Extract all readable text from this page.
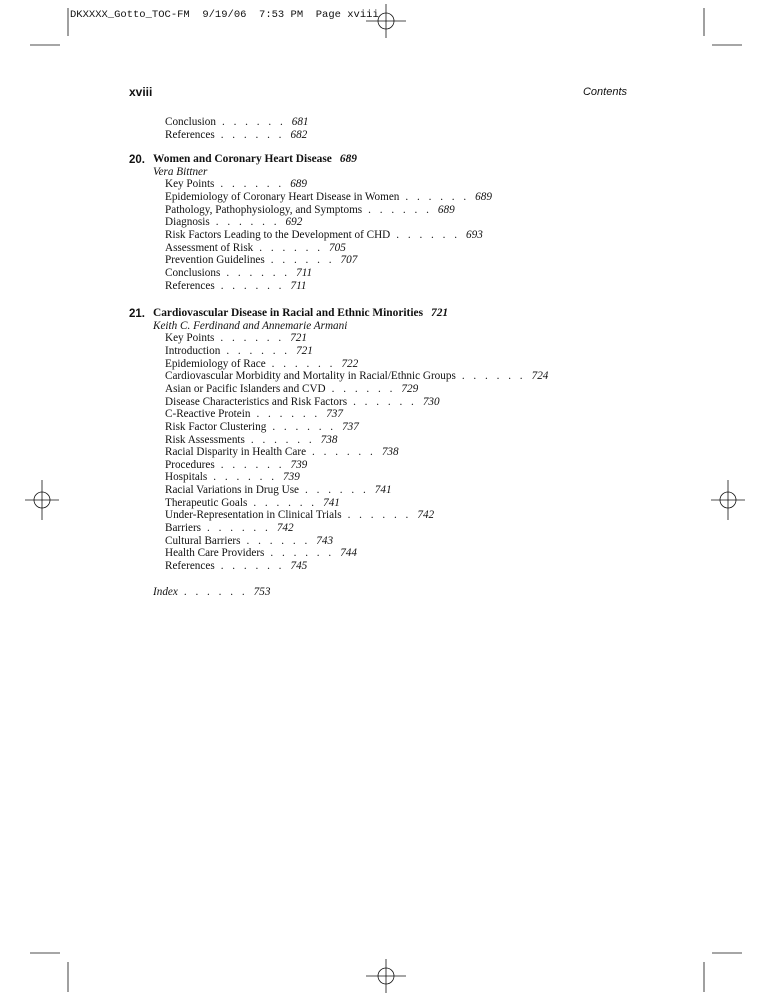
DKXXXX_Gotto_TOC-FM  9/19/06  7:53 PM  Page xviii
xviii	Contents
Conclusion . . . . . . 681
References . . . . . . 682
20. Women and Coronary Heart Disease 689
Vera Bittner
Key Points . . . . . . 689
Epidemiology of Coronary Heart Disease in Women . . . . . . 689
Pathology, Pathophysiology, and Symptoms . . . . . . 689
Diagnosis . . . . . . 692
Risk Factors Leading to the Development of CHD . . . . . . 693
Assessment of Risk . . . . . . 705
Prevention Guidelines . . . . . . 707
Conclusions . . . . . . 711
References . . . . . . 711
21. Cardiovascular Disease in Racial and Ethnic Minorities 721
Keith C. Ferdinand and Annemarie Armani
Key Points . . . . . . 721
Introduction . . . . . . 721
Epidemiology of Race . . . . . . 722
Cardiovascular Morbidity and Mortality in Racial/Ethnic Groups . . . . . . 724
Asian or Pacific Islanders and CVD . . . . . . 729
Disease Characteristics and Risk Factors . . . . . . 730
C-Reactive Protein . . . . . . 737
Risk Factor Clustering . . . . . . 737
Risk Assessments . . . . . . 738
Racial Disparity in Health Care . . . . . . 738
Procedures . . . . . . 739
Hospitals . . . . . . 739
Racial Variations in Drug Use . . . . . . 741
Therapeutic Goals . . . . . . 741
Under-Representation in Clinical Trials . . . . . . 742
Barriers . . . . . . 742
Cultural Barriers . . . . . . 743
Health Care Providers . . . . . . 744
References . . . . . . 745
Index . . . . . . 753
